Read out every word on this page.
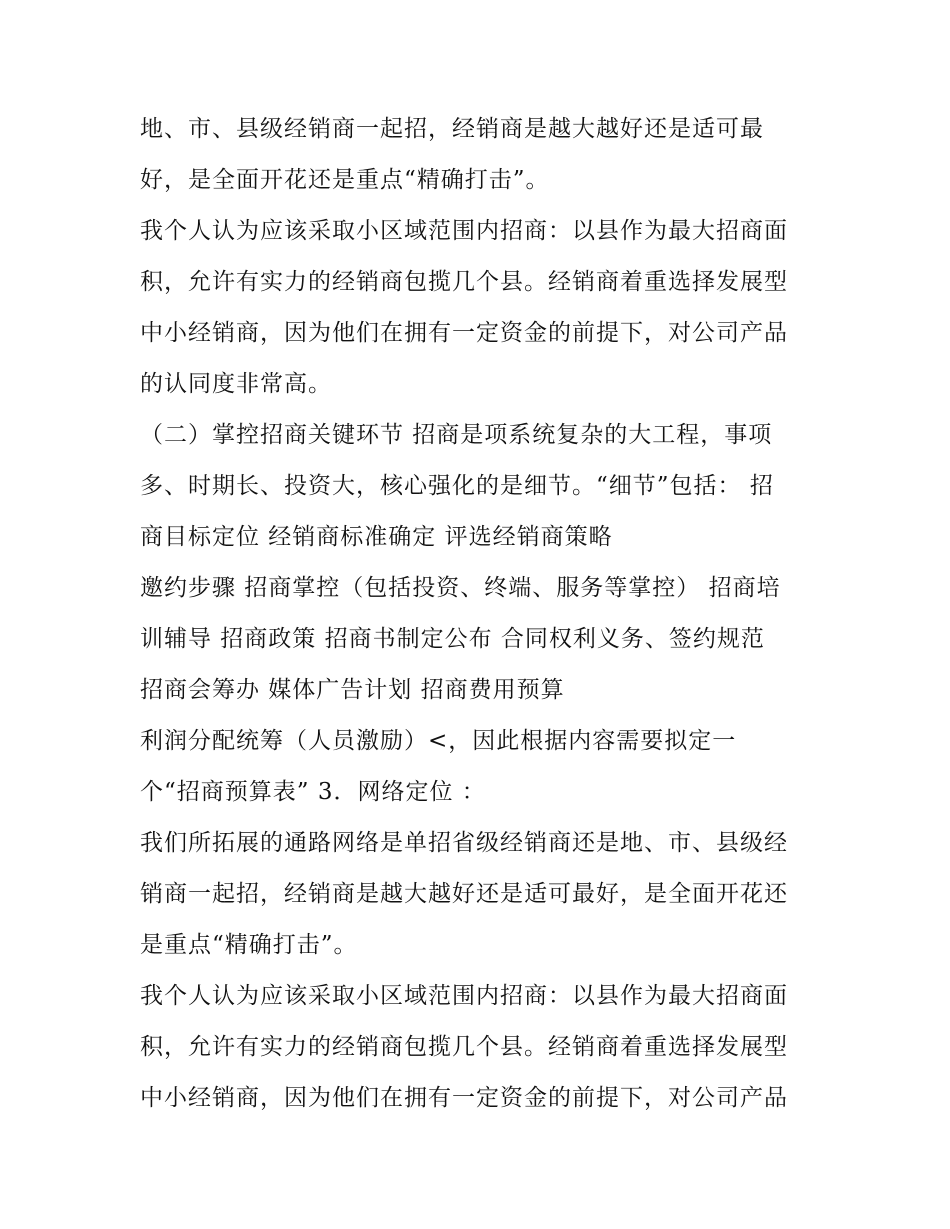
地、市、县级经销商一起招，经销商是越大越好还是适可最
好，是全面开花还是重点“精确打击”。
我个人认为应该采取小区域范围内招商：以县作为最大招商面
积，允许有实力的经销商包揽几个县。经销商着重选择发展型
中小经销商，因为他们在拥有一定资金的前提下，对公司产品
的认同度非常高。
（二）掌控招商关键环节 招商是项系统复杂的大工程，事项
多、时期长、投资大，核心强化的是细节。“细节”包括： 招
商目标定位 经销商标准确定 评选经销商策略
邀约步骤 招商掌控（包括投资、终端、服务等掌控） 招商培
训辅导 招商政策 招商书制定公布 合同权利义务、签约规范
招商会筹办 媒体广告计划 招商费用预算
利润分配统筹（人员激励）<，因此根据内容需要拟定一
个“招商预算表” 3．网络定位 ：
我们所拓展的通路网络是单招省级经销商还是地、市、县级经
销商一起招，经销商是越大越好还是适可最好，是全面开花还
是重点“精确打击”。
我个人认为应该采取小区域范围内招商：以县作为最大招商面
积，允许有实力的经销商包揽几个县。经销商着重选择发展型
中小经销商，因为他们在拥有一定资金的前提下，对公司产品
